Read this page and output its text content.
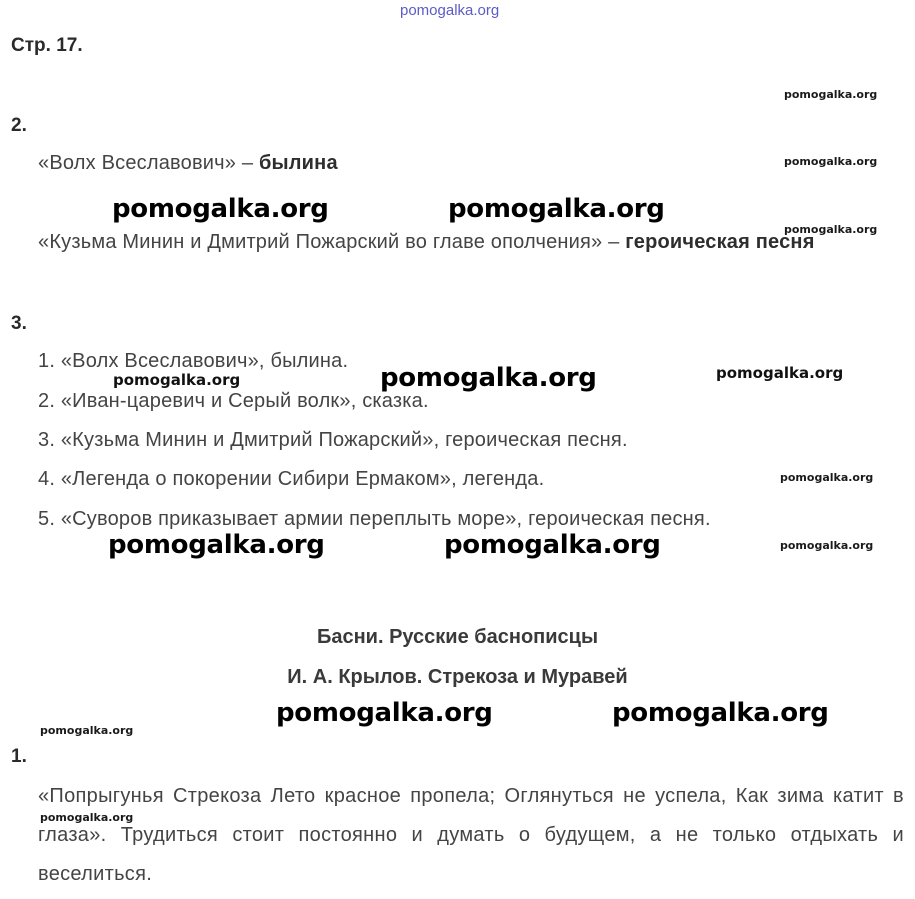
pomogalka.org
Стр. 17.
2.
«Волх Всеславович» – былина
«Кузьма Минин и Дмитрий Пожарский во главе ополчения» – героическая песня
3.
1. «Волх Всеславович», былина.
2. «Иван-царевич и Серый волк», сказка.
3. «Кузьма Минин и Дмитрий Пожарский», героическая песня.
4. «Легенда о покорении Сибири Ермаком», легенда.
5. «Суворов приказывает армии переплыть море», героическая песня.
Басни. Русские баснописцы
И. А. Крылов. Стрекоза и Муравей
1.
«Попрыгунья Стрекоза Лето красное пропела; Оглянуться не успела, Как зима катит в глаза». Трудиться стоит постоянно и думать о будущем, а не только отдыхать и веселиться.
pomogalka.org
pomogalka.org
pomogalka.org
pomogalka.org	pomogalka.org
pomogalka.org	pomogalka.org	pomogalka.org
pomogalka.org
pomogalka.org	pomogalka.org	pomogalka.org
pomogalka.org	pomogalka.org
pomogalka.org
pomogalka.org
